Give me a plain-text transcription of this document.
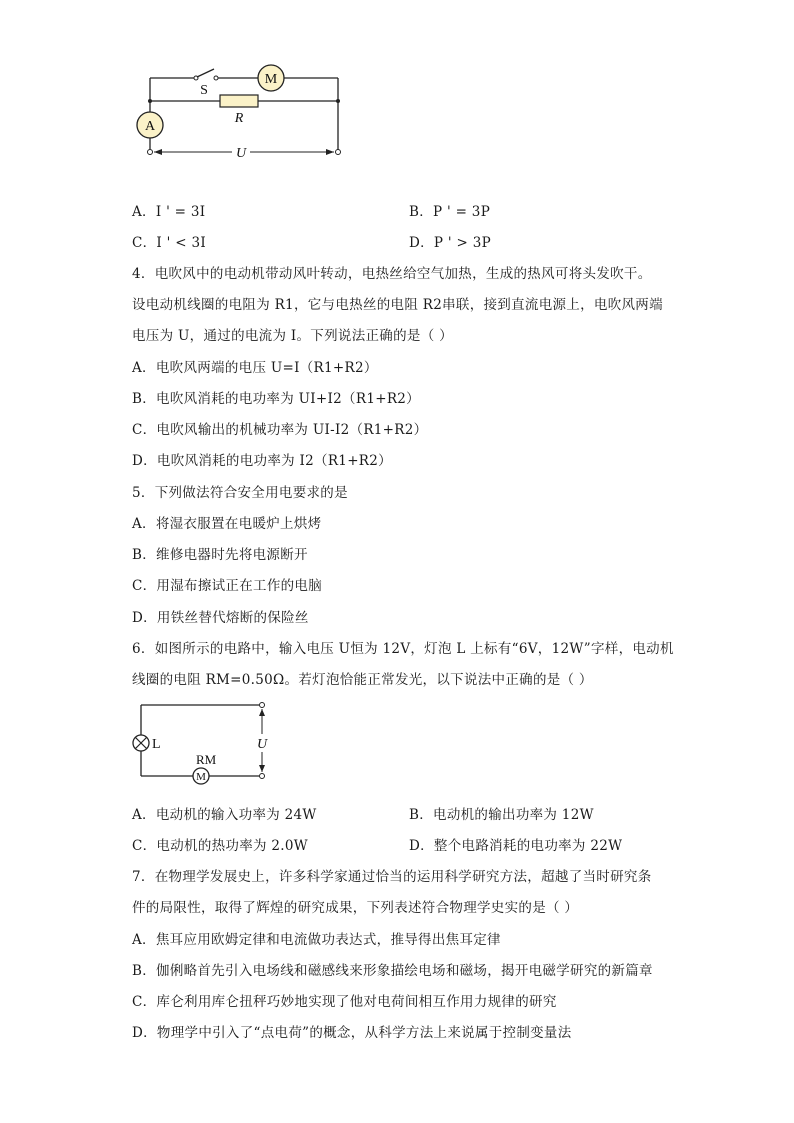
M
S
R
A
U
A．I ' = 3I	B．P ' = 3P
C．I ' < 3I	D．P ' > 3P
4．电吹风中的电动机带动风叶转动，电热丝给空气加热，生成的热风可将头发吹干。
设电动机线圈的电阻为 R1，它与电热丝的电阻 R2串联，接到直流电源上，电吹风两端
电压为 U，通过的电流为 I。下列说法正确的是（ ）
A．电吹风两端的电压 U=I（R1+R2）
B．电吹风消耗的电功率为 UI+I2（R1+R2）
C．电吹风输出的机械功率为 UI-I2（R1+R2）
D．电吹风消耗的电功率为 I2（R1+R2）
5．下列做法符合安全用电要求的是
A．将湿衣服置在电暖炉上烘烤
B．维修电器时先将电源断开
C．用湿布擦试正在工作的电脑
D．用铁丝替代熔断的保险丝
6．如图所示的电路中，输入电压 U恒为 12V，灯泡 L 上标有“6V，12W”字样，电动机
线圈的电阻 RM=0.50Ω。若灯泡恰能正常发光，以下说法中正确的是（ ）
L
M
RM
U
A．电动机的输入功率为 24W	B．电动机的输出功率为 12W
C．电动机的热功率为 2.0W	D．整个电路消耗的电功率为 22W
7．在物理学发展史上，许多科学家通过恰当的运用科学研究方法，超越了当时研究条
件的局限性，取得了辉煌的研究成果，下列表述符合物理学史实的是（ ）
A．焦耳应用欧姆定律和电流做功表达式，推导得出焦耳定律
B．伽俐略首先引入电场线和磁感线来形象描绘电场和磁场，揭开电磁学研究的新篇章
C．库仑利用库仑扭秤巧妙地实现了他对电荷间相互作用力规律的研究
D．物理学中引入了“点电荷”的概念，从科学方法上来说属于控制变量法
